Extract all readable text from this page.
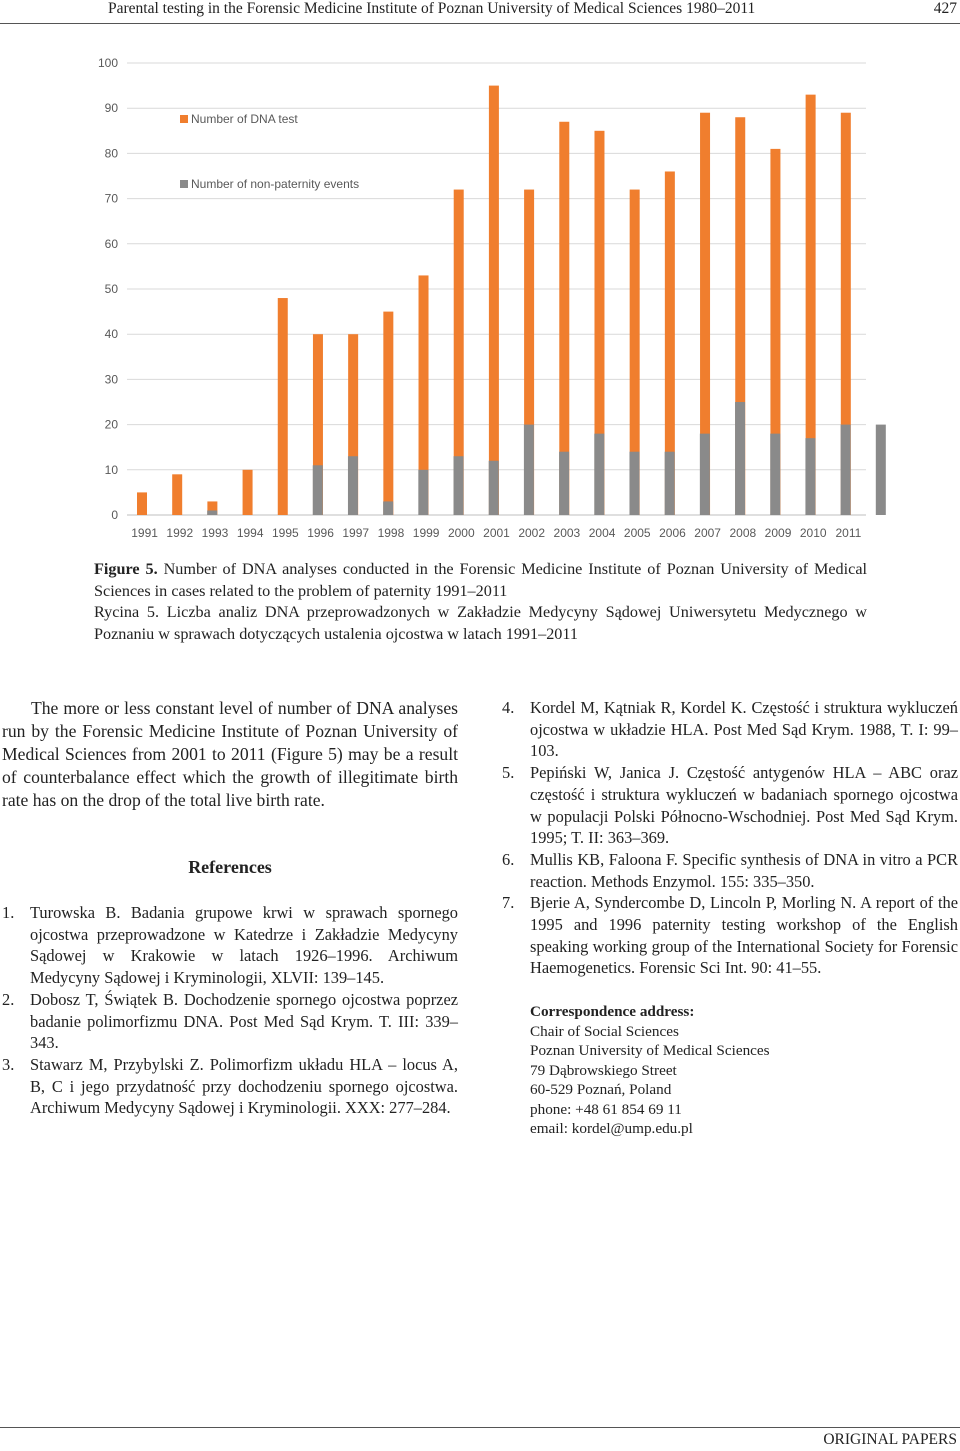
Parental testing in the Forensic Medicine Institute of Poznan University of Medical Sciences 1980–2011	427
0
10
20
30
40
50
60
70
80
90
100
1991 1992 1993 1994 1995 1996 1997 1998 1999 2000 2001 2002 2003 2004 2005 2006 2007 2008 2009 2010 2011
Number of DNA test
Number of non-paternity events

Figure 5. Number of DNA analyses conducted in the Forensic Medicine Institute of Poznan University of Medical Sciences in cases related to the problem of paternity 1991–2011

Rycina 5. Liczba analiz DNA przeprowadzonych w Zakładzie Medycyny Sądowej Uniwersytetu Medycznego w Poznaniu w sprawach dotyczących ustalenia ojcostwa w latach 1991–2011

The more or less constant level of number of DNA analyses run by the Forensic Medicine Institute of Poznan University of Medical Sciences from 2001 to 2011 (Figure 5) may be a result of counterbalance effect which the growth of illegitimate birth rate has on the drop of the total live birth rate.

References
1. Turowska B. Badania grupowe krwi w sprawach spornego ojcostwa przeprowadzone w Katedrze i Zakładzie Medycyny Sądowej w Krakowie w latach 1926–1996. Archiwum Medycyny Sądowej i Kryminologii, XLVII: 139–145.
2. Dobosz T, Świątek B. Dochodzenie spornego ojcostwa poprzez badanie polimorfizmu DNA. Post Med Sąd Krym. T. III: 339–343.
3. Stawarz M, Przybylski Z. Polimorfizm układu HLA – locus A, B, C i jego przydatność przy dochodzeniu spornego ojcostwa. Archiwum Medycyny Sądowej i Kryminologii. XXX: 277–284.
4. Kordel M, Kątniak R, Kordel K. Częstość i struktura wykluczeń ojcostwa w układzie HLA. Post Med Sąd Krym. 1988, T. I: 99–103.
5. Pepiński W, Janica J. Częstość antygenów HLA – ABC oraz częstość i struktura wykluczeń w badaniach spornego ojcostwa w populacji Polski Północno-Wschodniej. Post Med Sąd Krym. 1995; T. II: 363–369.
6. Mullis KB, Faloona F. Specific synthesis of DNA in vitro a PCR reaction. Methods Enzymol. 155: 335–350.
7. Bjerie A, Syndercombe D, Lincoln P, Morling N. A report of the 1995 and 1996 paternity testing workshop of the English speaking working group of the International Society for Forensic Haemogenetics. Forensic Sci Int. 90: 41–55.
Correspondence address:
Chair of Social Sciences
Poznan University of Medical Sciences
79 Dąbrowskiego Street
60-529 Poznań, Poland
phone: +48 61 854 69 11
email: kordel@ump.edu.pl
ORIGINAL PAPERS
